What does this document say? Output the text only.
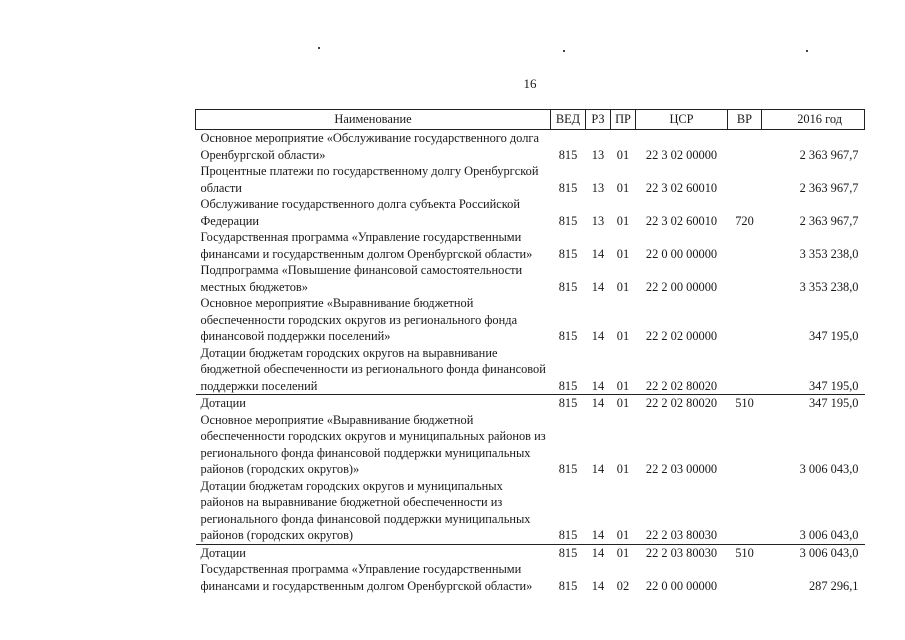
16
Наименование	ВЕД	РЗ	ПР	ЦСР	ВР	2016 год
Основное мероприятие «Обслуживание государственного долга Оренбургской области»	815	13	01	22 3 02 00000		2 363 967,7
Процентные платежи по государственному долгу Оренбургской области	815	13	01	22 3 02 60010		2 363 967,7
Обслуживание государственного долга субъекта Российской Федерации	815	13	01	22 3 02 60010	720	2 363 967,7
Государственная программа «Управление государственными финансами и государственным долгом Оренбургской области»	815	14	01	22 0 00 00000		3 353 238,0
Подпрограмма «Повышение финансовой самостоятельности местных бюджетов»	815	14	01	22 2 00 00000		3 353 238,0
Основное мероприятие «Выравнивание бюджетной обеспеченности городских округов из регионального фонда финансовой поддержки поселений»	815	14	01	22 2 02 00000		347 195,0
Дотации бюджетам городских округов на выравнивание бюджетной обеспеченности из регионального фонда финансовой поддержки поселений	815	14	01	22 2 02 80020		347 195,0
Дотации	815	14	01	22 2 02 80020	510	347 195,0
Основное мероприятие «Выравнивание бюджетной обеспеченности городских округов и муниципальных районов из регионального фонда финансовой поддержки муниципальных районов (городских округов)»	815	14	01	22 2 03 00000		3 006 043,0
Дотации бюджетам городских округов и муниципальных районов на выравнивание бюджетной обеспеченности из регионального фонда финансовой поддержки муниципальных районов (городских округов)	815	14	01	22 2 03 80030		3 006 043,0
Дотации	815	14	01	22 2 03 80030	510	3 006 043,0
Государственная программа «Управление государственными финансами и государственным долгом Оренбургской области»	815	14	02	22 0 00 00000		287 296,1
